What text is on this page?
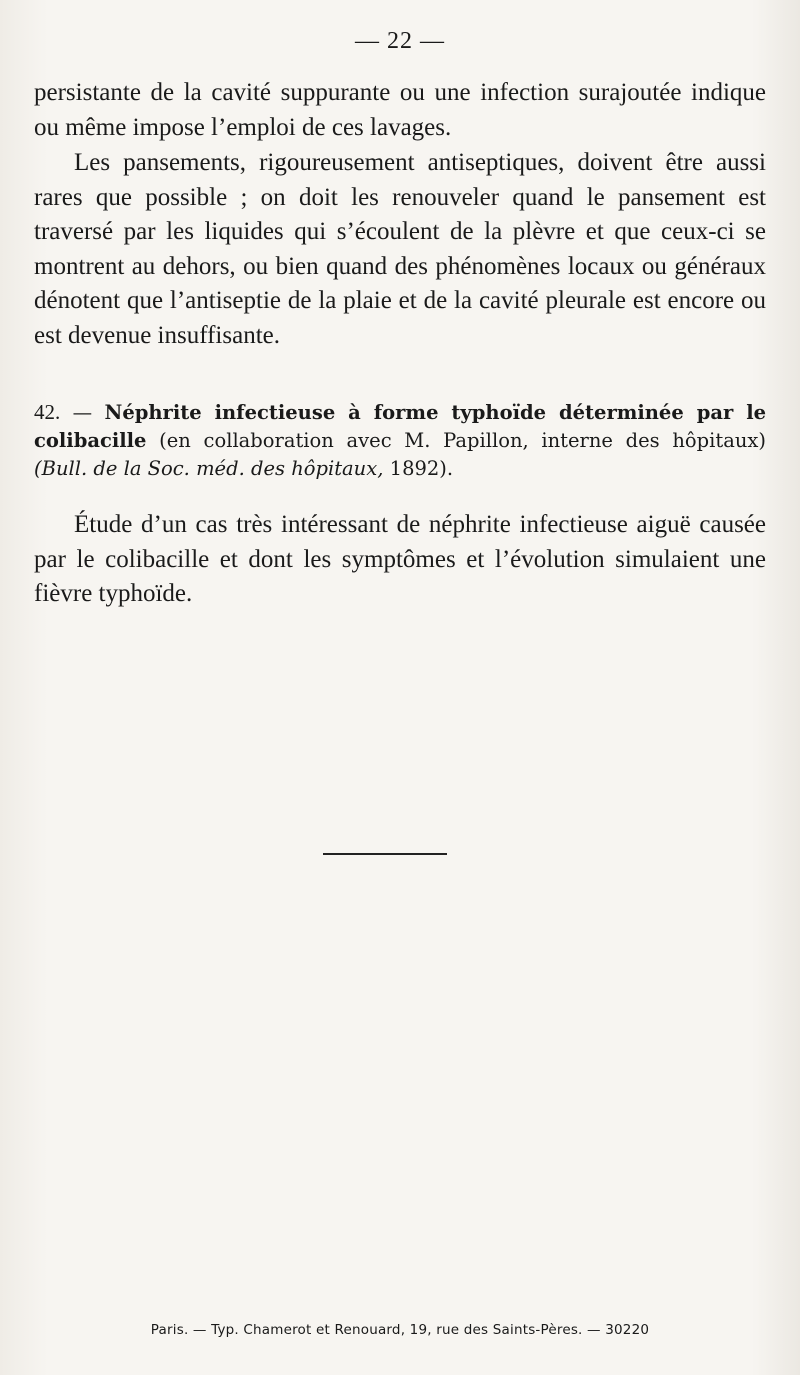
— 22 —

persistante de la cavité suppurante ou une infection surajoutée indique ou même impose l’emploi de ces lavages.

Les pansements, rigoureusement antiseptiques, doivent être aussi rares que possible ; on doit les renouveler quand le pansement est traversé par les liquides qui s’écoulent de la plèvre et que ceux-ci se montrent au dehors, ou bien quand des phénomènes locaux ou généraux dénotent que l’antiseptie de la plaie et de la cavité pleurale est encore ou est devenue insuffisante.

42. — Néphrite infectieuse à forme typhoïde déterminée par le colibacille (en collaboration avec M. Papillon, interne des hôpitaux) (Bull. de la Soc. méd. des hôpitaux, 1892).

Étude d’un cas très intéressant de néphrite infectieuse aiguë causée par le colibacille et dont les symptômes et l’évolution simulaient une fièvre typhoïde.

Paris. — Typ. Chamerot et Renouard, 19, rue des Saints-Pères. — 30220
